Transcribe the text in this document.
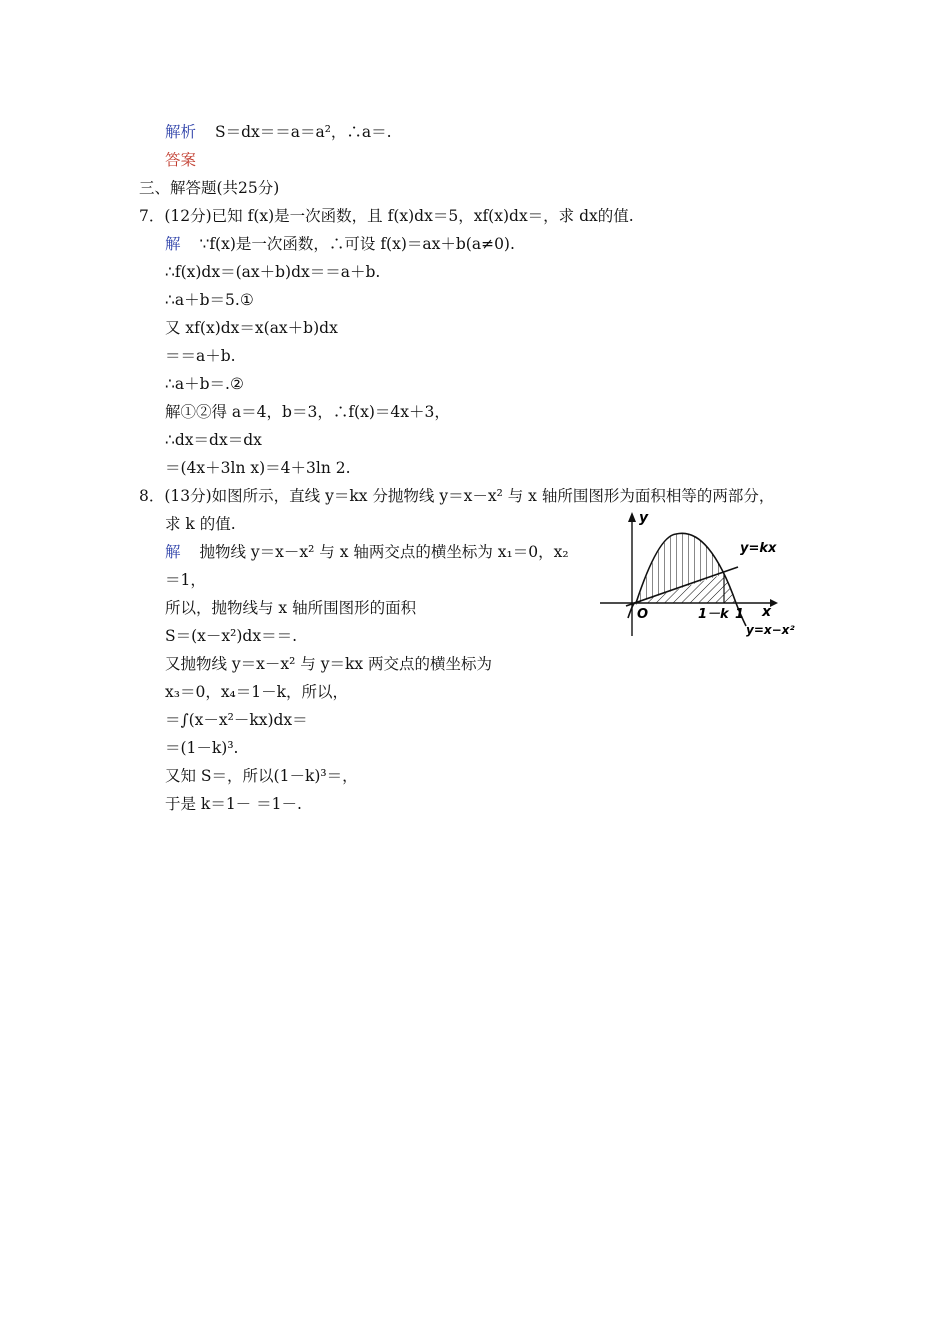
解析 S＝dx＝＝a＝a²，∴a＝.
答案
三、解答题(共25分)
7．(12分)已知 f(x)是一次函数，且 f(x)dx＝5，xf(x)dx＝，求 dx的值.
解 ∵f(x)是一次函数，∴可设 f(x)＝ax＋b(a≠0).
∴f(x)dx＝(ax＋b)dx＝＝a＋b.
∴a＋b＝5.①
又 xf(x)dx＝x(ax＋b)dx
＝＝a＋b.
∴a＋b＝.②
解①②得 a＝4，b＝3，∴f(x)＝4x＋3，
∴dx＝dx＝dx
＝(4x＋3ln x)＝4＋3ln 2.
8．(13分)如图所示，直线 y＝kx 分抛物线 y＝x－x² 与 x 轴所围图形为面积相等的两部分，
求 k 的值.
解 抛物线 y＝x－x² 与 x 轴两交点的横坐标为 x₁＝0，x₂
＝1，
所以，抛物线与 x 轴所围图形的面积
S＝(x－x²)dx＝＝.
又抛物线 y＝x－x² 与 y＝kx 两交点的横坐标为
x₃＝0，x₄＝1－k，所以，
＝∫(x－x²－kx)dx＝
＝(1－k)³.
又知 S＝，所以(1－k)³＝，
于是 k＝1－ ＝1－.
y
x
O
y=kx
1－k 1
y=x−x²
